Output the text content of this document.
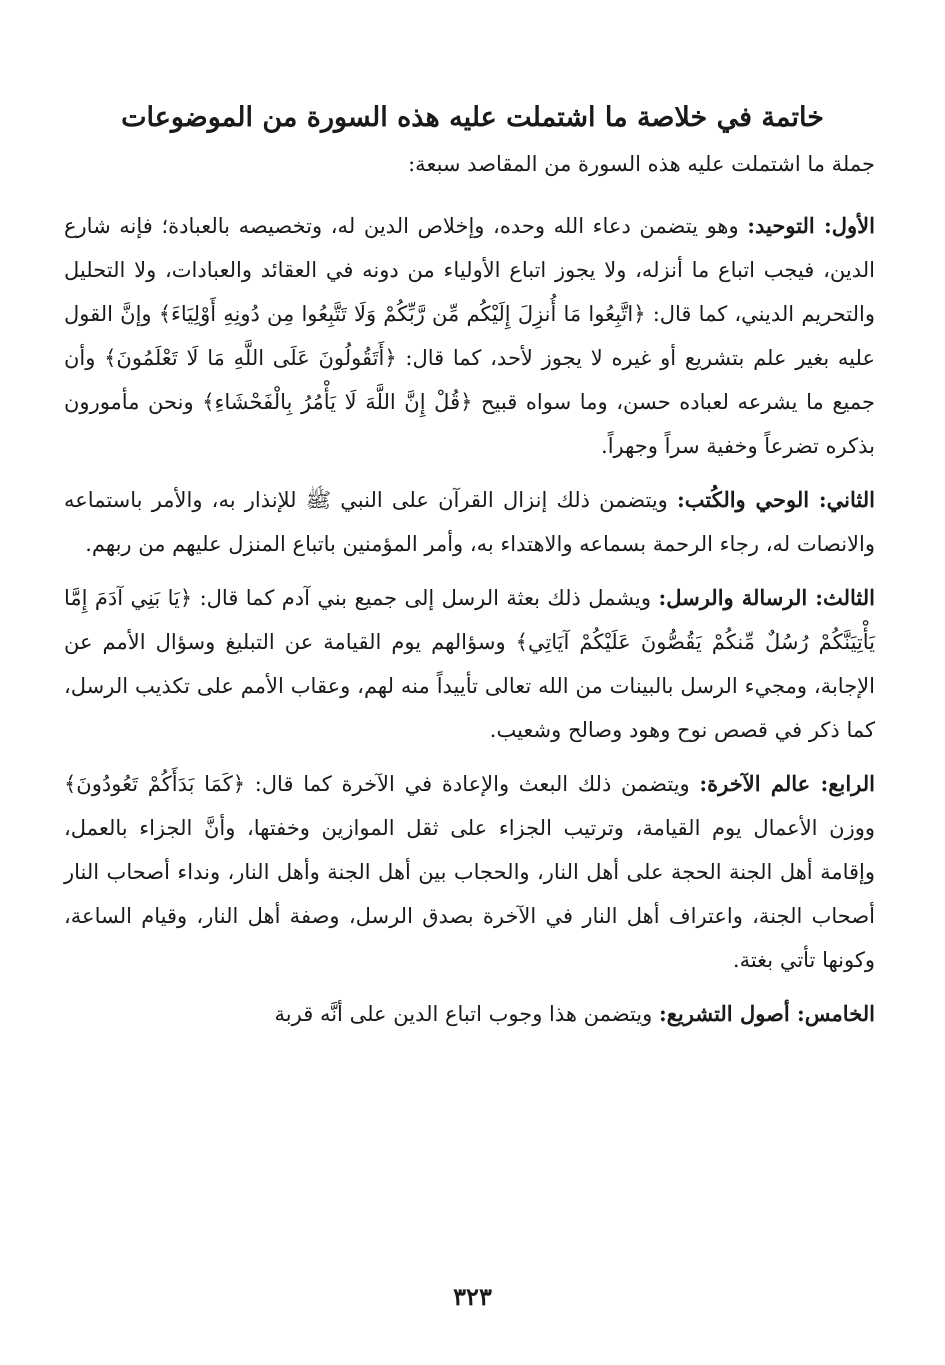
خاتمة في خلاصة ما اشتملت عليه هذه السورة من الموضوعات

جملة ما اشتملت عليه هذه السورة من المقاصد سبعة:

الأول: التوحيد: وهو يتضمن دعاء الله وحده، وإخلاص الدين له، وتخصيصه بالعبادة؛ فإنه شارع الدين، فيجب اتباع ما أنزله، ولا يجوز اتباع الأولياء من دونه في العقائد والعبادات، ولا التحليل والتحريم الديني، كما قال: ﴿اتَّبِعُوا مَا أُنزِلَ إِلَيْكُم مِّن رَّبِّكُمْ وَلَا تَتَّبِعُوا مِن دُونِهِ أَوْلِيَاءَ﴾ وإنَّ القول عليه بغير علم بتشريع أو غيره لا يجوز لأحد، كما قال: ﴿أَتَقُولُونَ عَلَى اللَّهِ مَا لَا تَعْلَمُونَ﴾ وأن جميع ما يشرعه لعباده حسن، وما سواه قبيح ﴿قُلْ إِنَّ اللَّهَ لَا يَأْمُرُ بِالْفَحْشَاءِ﴾ ونحن مأمورون بذكره تضرعاً وخفية سراً وجهراً.

الثاني: الوحي والكُتب: ويتضمن ذلك إنزال القرآن على النبي ﷺ للإنذار به، والأمر باستماعه والانصات له، رجاء الرحمة بسماعه والاهتداء به، وأمر المؤمنين باتباع المنزل عليهم من ربهم.

الثالث: الرسالة والرسل: ويشمل ذلك بعثة الرسل إلى جميع بني آدم كما قال: ﴿يَا بَنِي آدَمَ إِمَّا يَأْتِيَنَّكُمْ رُسُلٌ مِّنكُمْ يَقُصُّونَ عَلَيْكُمْ آيَاتِي﴾ وسؤالهم يوم القيامة عن التبليغ وسؤال الأمم عن الإجابة، ومجيء الرسل بالبينات من الله تعالى تأييداً منه لهم، وعقاب الأمم على تكذيب الرسل، كما ذكر في قصص نوح وهود وصالح وشعيب.

الرابع: عالم الآخرة: ويتضمن ذلك البعث والإعادة في الآخرة كما قال: ﴿كَمَا بَدَأَكُمْ تَعُودُونَ﴾ ووزن الأعمال يوم القيامة، وترتيب الجزاء على ثقل الموازين وخفتها، وأنَّ الجزاء بالعمل، وإقامة أهل الجنة الحجة على أهل النار، والحجاب بين أهل الجنة وأهل النار، ونداء أصحاب النار أصحاب الجنة، واعتراف أهل النار في الآخرة بصدق الرسل، وصفة أهل النار، وقيام الساعة، وكونها تأتي بغتة.

الخامس: أصول التشريع: ويتضمن هذا وجوب اتباع الدين على أنَّه قربة

٣٢٣
